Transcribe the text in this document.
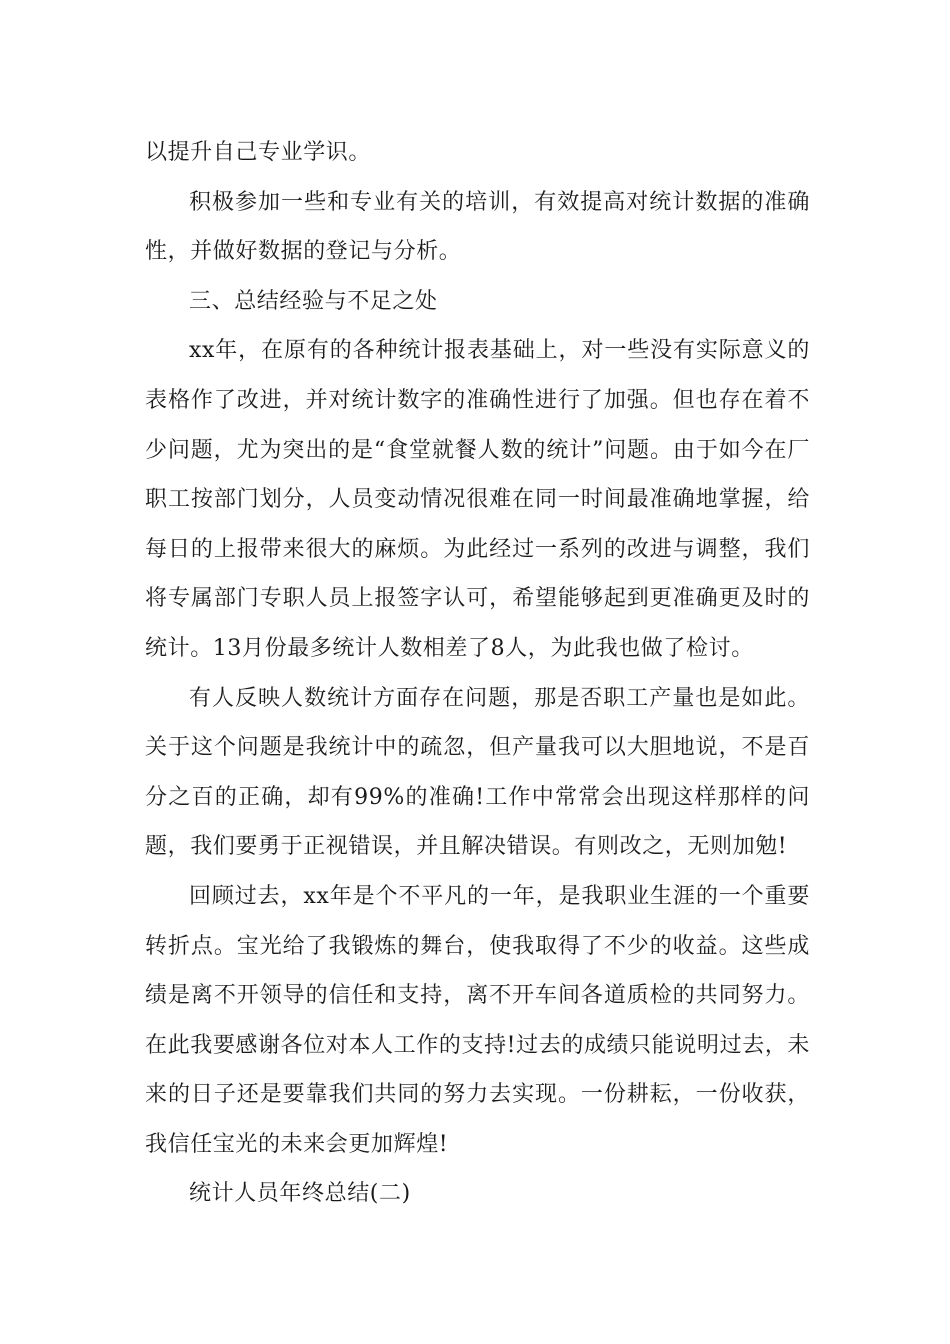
以提升自己专业学识。

积极参加一些和专业有关的培训，有效提高对统计数据的准确性，并做好数据的登记与分析。

三、总结经验与不足之处

xx年，在原有的各种统计报表基础上，对一些没有实际意义的表格作了改进，并对统计数字的准确性进行了加强。但也存在着不少问题，尤为突出的是“食堂就餐人数的统计”问题。由于如今在厂职工按部门划分，人员变动情况很难在同一时间最准确地掌握，给每日的上报带来很大的麻烦。为此经过一系列的改进与调整，我们将专属部门专职人员上报签字认可，希望能够起到更准确更及时的统计。13月份最多统计人数相差了8人，为此我也做了检讨。

有人反映人数统计方面存在问题，那是否职工产量也是如此。关于这个问题是我统计中的疏忽，但产量我可以大胆地说，不是百分之百的正确，却有99%的准确!工作中常常会出现这样那样的问题，我们要勇于正视错误，并且解决错误。有则改之，无则加勉!

回顾过去，xx年是个不平凡的一年，是我职业生涯的一个重要转折点。宝光给了我锻炼的舞台，使我取得了不少的收益。这些成绩是离不开领导的信任和支持，离不开车间各道质检的共同努力。在此我要感谢各位对本人工作的支持!过去的成绩只能说明过去，未来的日子还是要靠我们共同的努力去实现。一份耕耘，一份收获，我信任宝光的未来会更加辉煌!

统计人员年终总结(二)
